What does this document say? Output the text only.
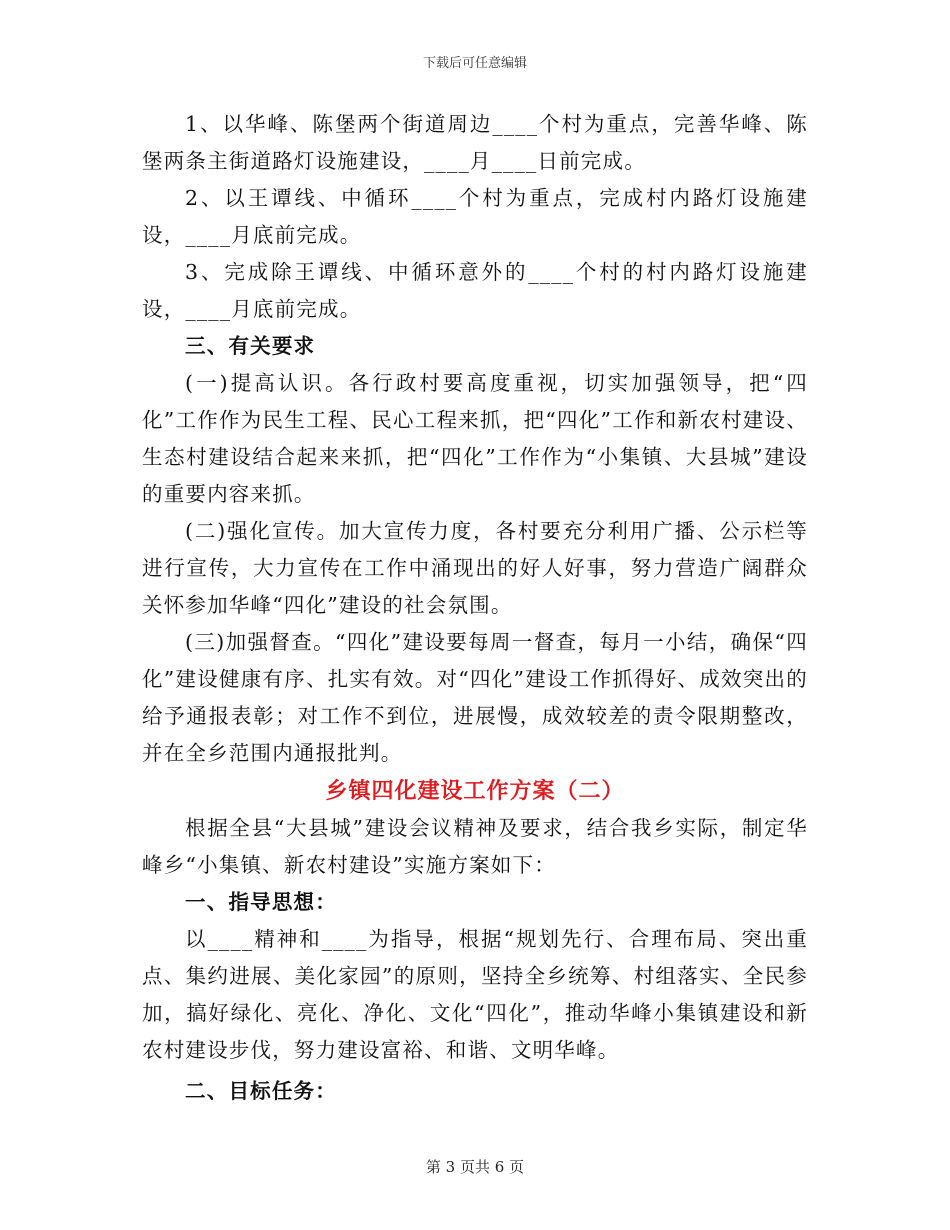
下载后可任意编辑

1、以华峰、陈堡两个街道周边____个村为重点，完善华峰、陈堡两条主街道路灯设施建设，____月____日前完成。

2、以王谭线、中循环____个村为重点，完成村内路灯设施建设，____月底前完成。

3、完成除王谭线、中循环意外的____个村的村内路灯设施建设，____月底前完成。

三、有关要求

(一)提高认识。各行政村要高度重视，切实加强领导，把“四化”工作作为民生工程、民心工程来抓，把“四化”工作和新农村建设、生态村建设结合起来来抓，把“四化”工作作为“小集镇、大县城”建设的重要内容来抓。

(二)强化宣传。加大宣传力度，各村要充分利用广播、公示栏等进行宣传，大力宣传在工作中涌现出的好人好事，努力营造广阔群众关怀参加华峰“四化”建设的社会氛围。

(三)加强督查。“四化”建设要每周一督查，每月一小结，确保“四化”建设健康有序、扎实有效。对“四化”建设工作抓得好、成效突出的给予通报表彰；对工作不到位，进展慢，成效较差的责令限期整改，并在全乡范围内通报批判。

乡镇四化建设工作方案（二）

根据全县“大县城”建设会议精神及要求，结合我乡实际，制定华峰乡“小集镇、新农村建设”实施方案如下：

一、指导思想：

以____精神和____为指导，根据“规划先行、合理布局、突出重点、集约进展、美化家园”的原则，坚持全乡统筹、村组落实、全民参加，搞好绿化、亮化、净化、文化“四化”，推动华峰小集镇建设和新农村建设步伐，努力建设富裕、和谐、文明华峰。

二、目标任务：
第 3 页共 6 页
